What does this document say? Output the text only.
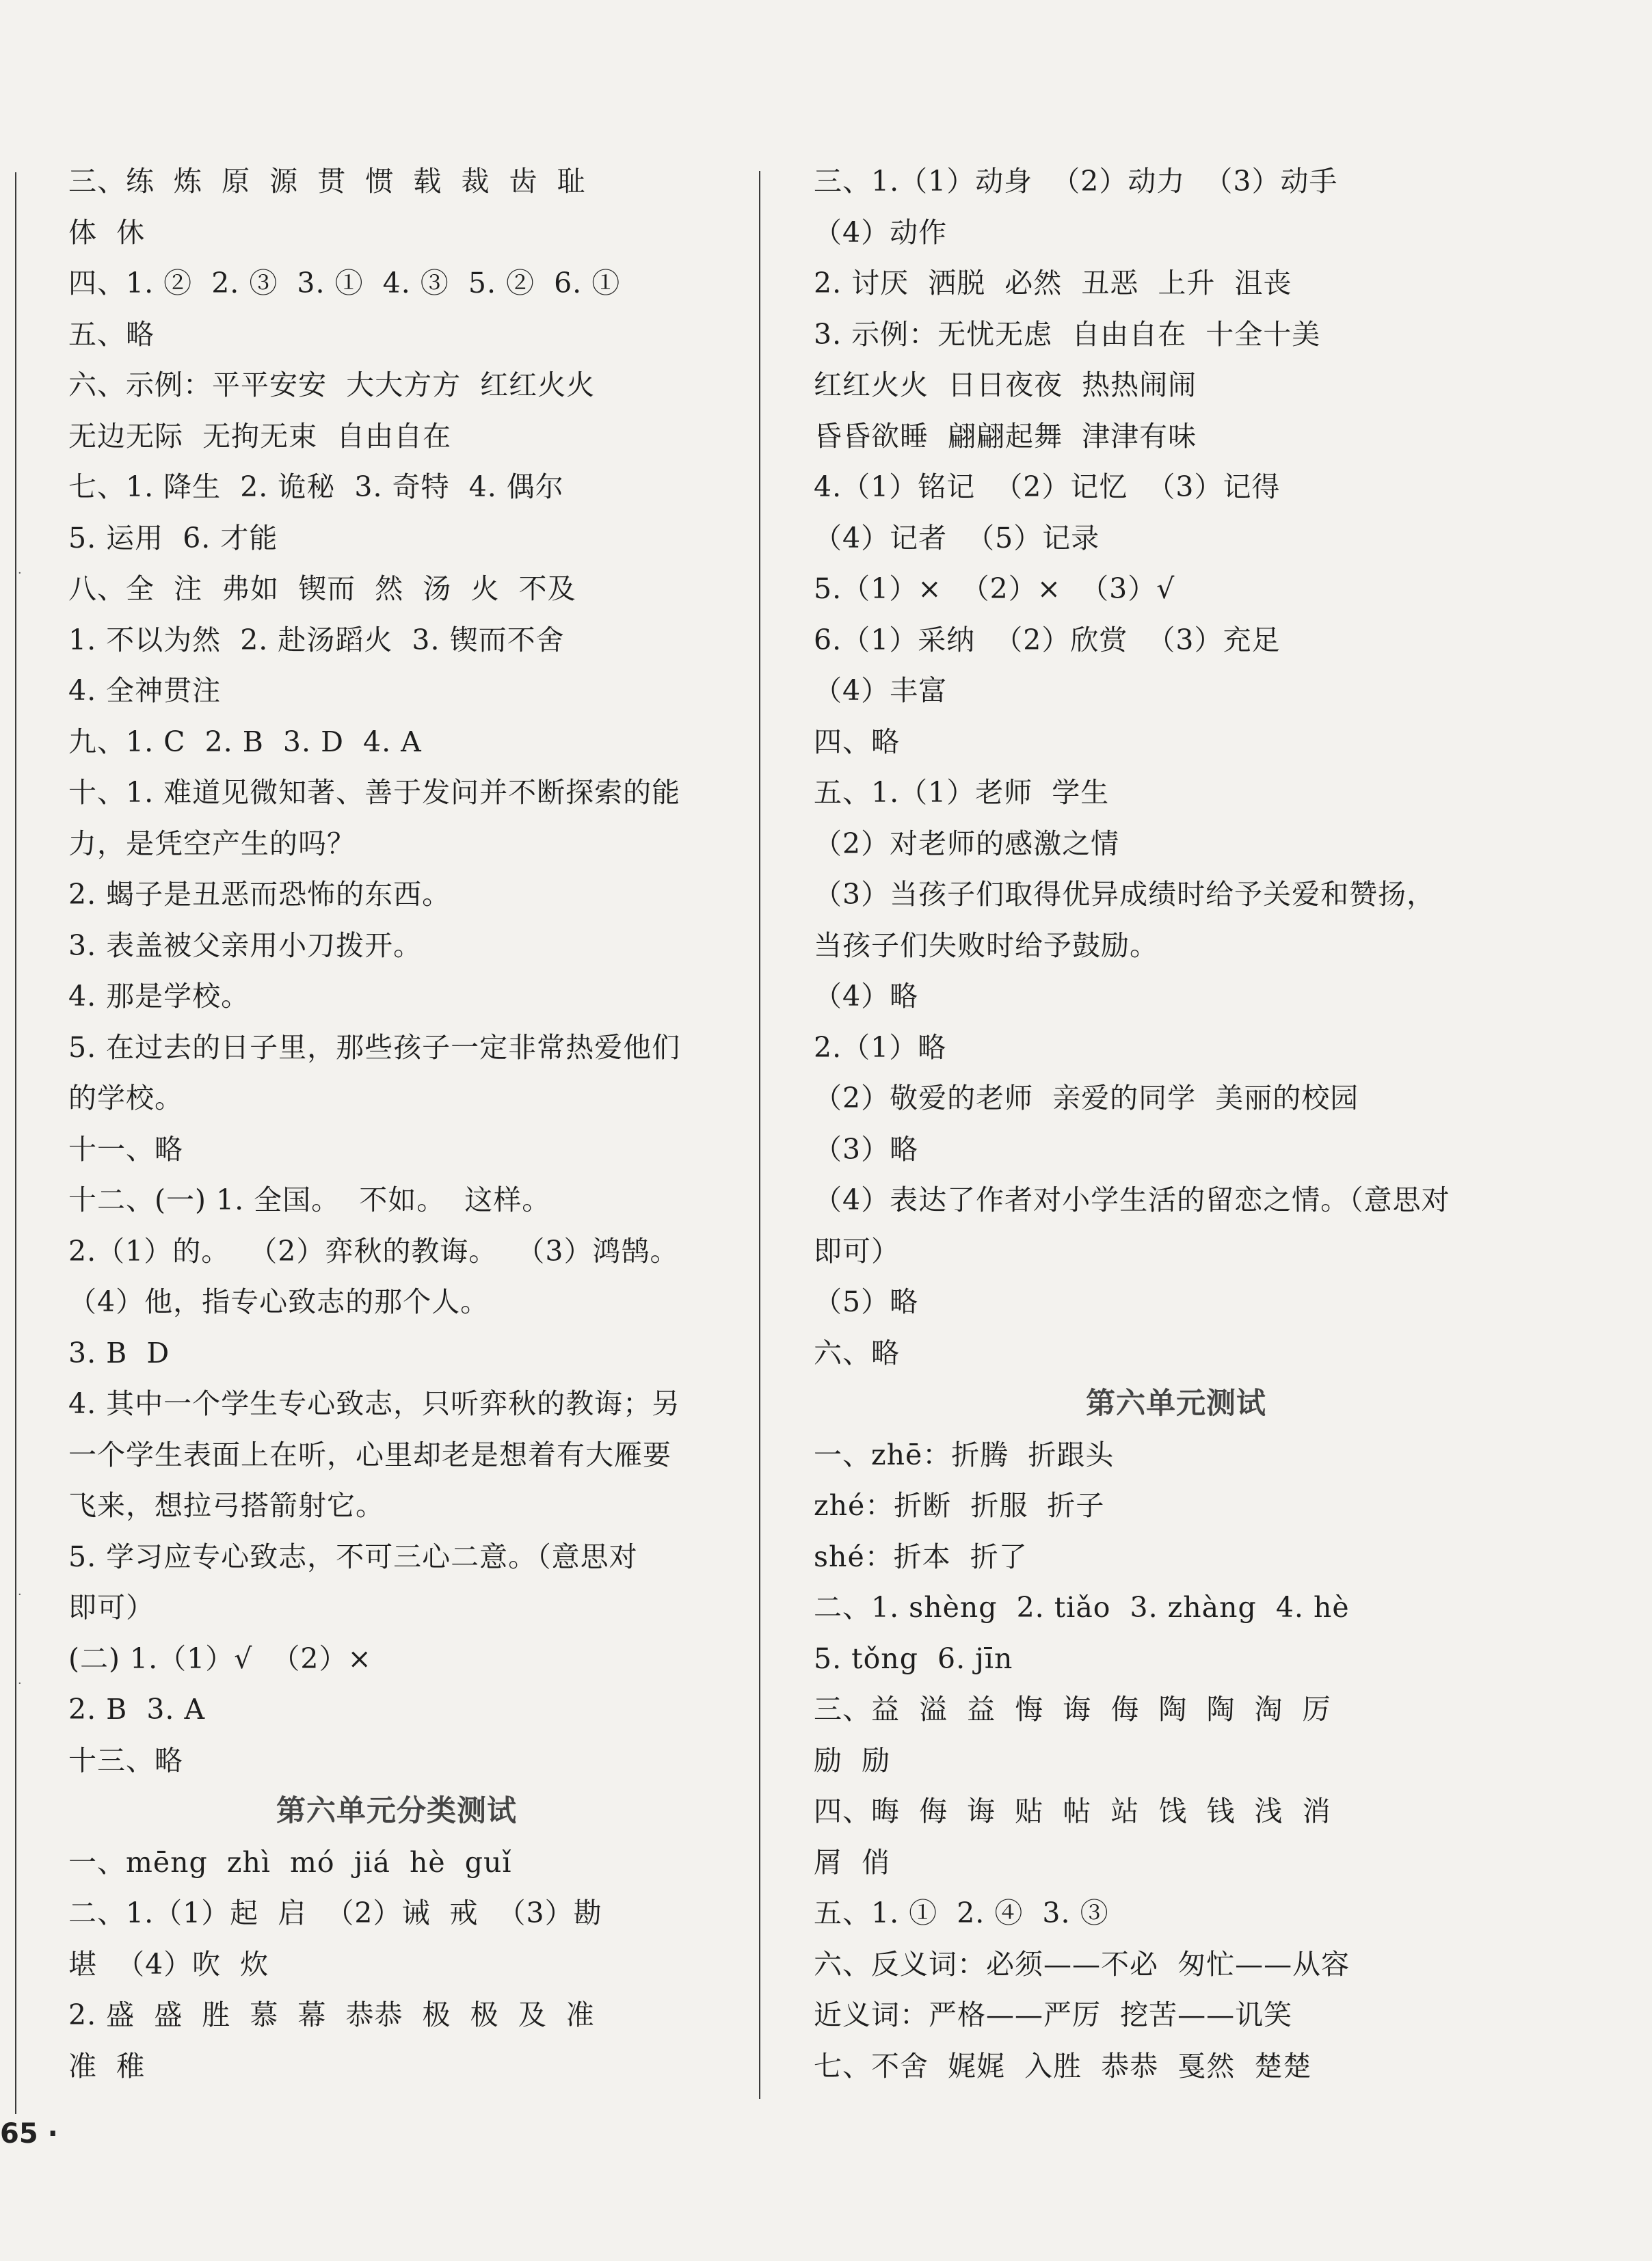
·
·
·
三、练  炼  原  源  贯  惯  载  裁  齿  耻
体  休
四、1. ②  2. ③  3. ①  4. ③  5. ②  6. ①
五、略
六、示例：平平安安  大大方方  红红火火
无边无际  无拘无束  自由自在
七、1. 降生  2. 诡秘  3. 奇特  4. 偶尔
5. 运用  6. 才能
八、全  注  弗如  锲而  然  汤  火  不及
1. 不以为然  2. 赴汤蹈火  3. 锲而不舍
4. 全神贯注
九、1. C  2. B  3. D  4. A
十、1. 难道见微知著、善于发问并不断探索的能
力，是凭空产生的吗？
2. 蝎子是丑恶而恐怖的东西。
3. 表盖被父亲用小刀拨开。
4. 那是学校。
5. 在过去的日子里，那些孩子一定非常热爱他们
的学校。
十一、略
十二、(一) 1. 全国。  不如。  这样。
2.（1）的。  （2）弈秋的教诲。  （3）鸿鹄。
（4）他，指专心致志的那个人。
3. B  D
4. 其中一个学生专心致志，只听弈秋的教诲；另
一个学生表面上在听，心里却老是想着有大雁要
飞来，想拉弓搭箭射它。
5. 学习应专心致志，不可三心二意。（意思对
即可）
(二) 1.（1）√  （2）×
2. B  3. A
十三、略
第六单元分类测试
一、mēng  zhì  mó  jiá  hè  guǐ
二、1.（1）起  启  （2）诫  戒  （3）勘
堪  （4）吹  炊
2. 盛  盛  胜  慕  幕  恭恭  极  极  及  准
准  稚
三、1.（1）动身  （2）动力  （3）动手
（4）动作
2. 讨厌  洒脱  必然  丑恶  上升  沮丧
3. 示例：无忧无虑  自由自在  十全十美
红红火火  日日夜夜  热热闹闹
昏昏欲睡  翩翩起舞  津津有味
4.（1）铭记  （2）记忆  （3）记得
（4）记者  （5）记录
5.（1）×  （2）×  （3）√
6.（1）采纳  （2）欣赏  （3）充足
（4）丰富
四、略
五、1.（1）老师  学生
（2）对老师的感激之情
（3）当孩子们取得优异成绩时给予关爱和赞扬，
当孩子们失败时给予鼓励。
（4）略
2.（1）略
（2）敬爱的老师  亲爱的同学  美丽的校园
（3）略
（4）表达了作者对小学生活的留恋之情。（意思对
即可）
（5）略
六、略
第六单元测试
一、zhē：折腾  折跟头
zhé：折断  折服  折子
shé：折本  折了
二、1. shèng  2. tiǎo  3. zhàng  4. hè
5. tǒng  6. jīn
三、益  溢  益  悔  诲  侮  陶  陶  淘  厉
励  励
四、晦  侮  诲  贴  帖  站  饯  钱  浅  消
屑  俏
五、1. ①  2. ④  3. ③
六、反义词：必须——不必  匆忙——从容
近义词：严格——严厉  挖苦——讥笑
七、不舍  娓娓  入胜  恭恭  戛然  楚楚
65 ·
